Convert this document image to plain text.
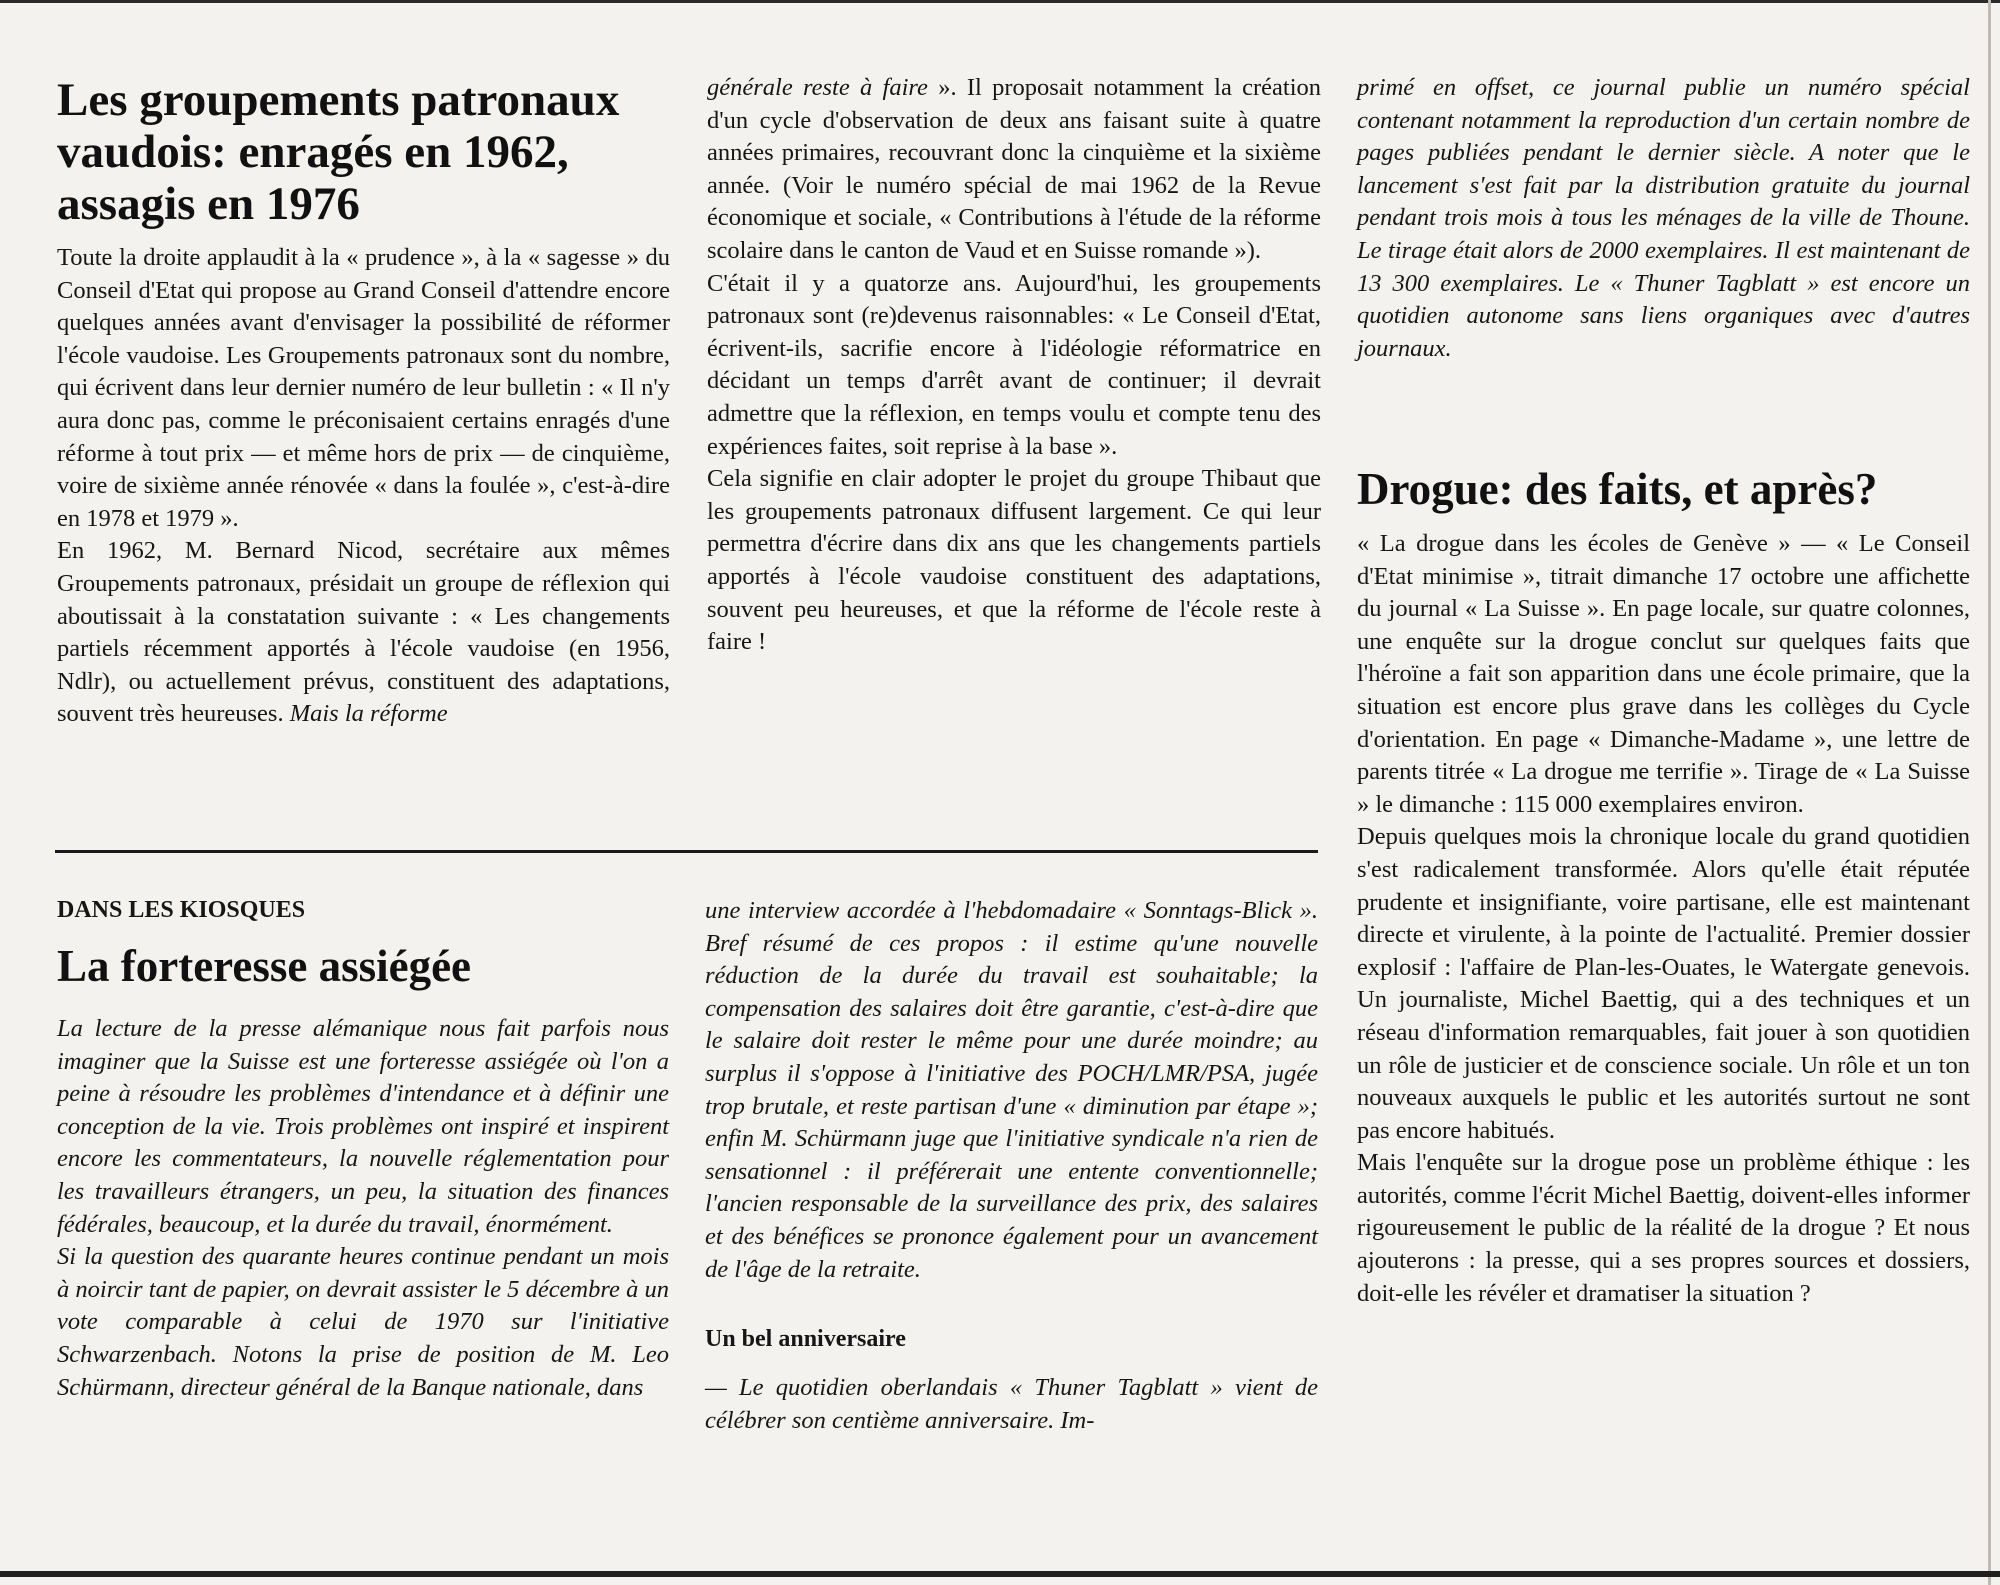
Les groupements patronaux vaudois: enragés en 1962, assagis en 1976

Toute la droite applaudit à la « prudence », à la « sagesse » du Conseil d'Etat qui propose au Grand Conseil d'attendre encore quelques années avant d'envisager la possibilité de réformer l'école vaudoise. Les Groupements patronaux sont du nombre, qui écrivent dans leur dernier numéro de leur bulletin : « Il n'y aura donc pas, comme le préconisaient certains enragés d'une réforme à tout prix — et même hors de prix — de cinquième, voire de sixième année rénovée « dans la foulée », c'est-à-dire en 1978 et 1979 ».

En 1962, M. Bernard Nicod, secrétaire aux mêmes Groupements patronaux, présidait un groupe de réflexion qui aboutissait à la constatation suivante : « Les changements partiels récemment apportés à l'école vaudoise (en 1956, Ndlr), ou actuellement prévus, constituent des adaptations, souvent très heureuses. Mais la réforme

générale reste à faire ». Il proposait notamment la création d'un cycle d'observation de deux ans faisant suite à quatre années primaires, recouvrant donc la cinquième et la sixième année. (Voir le numéro spécial de mai 1962 de la Revue économique et sociale, « Contributions à l'étude de la réforme scolaire dans le canton de Vaud et en Suisse romande »).

C'était il y a quatorze ans. Aujourd'hui, les groupements patronaux sont (re)devenus raisonnables: « Le Conseil d'Etat, écrivent-ils, sacrifie encore à l'idéologie réformatrice en décidant un temps d'arrêt avant de continuer; il devrait admettre que la réflexion, en temps voulu et compte tenu des expériences faites, soit reprise à la base ».

Cela signifie en clair adopter le projet du groupe Thibaut que les groupements patronaux diffusent largement. Ce qui leur permettra d'écrire dans dix ans que les changements partiels apportés à l'école vaudoise constituent des adaptations, souvent peu heureuses, et que la réforme de l'école reste à faire !

DANS LES KIOSQUES
La forteresse assiégée

La lecture de la presse alémanique nous fait parfois nous imaginer que la Suisse est une forteresse assiégée où l'on a peine à résoudre les problèmes d'intendance et à définir une conception de la vie. Trois problèmes ont inspiré et inspirent encore les commentateurs, la nouvelle réglementation pour les travailleurs étrangers, un peu, la situation des finances fédérales, beaucoup, et la durée du travail, énormément.

Si la question des quarante heures continue pendant un mois à noircir tant de papier, on devrait assister le 5 décembre à un vote comparable à celui de 1970 sur l'initiative Schwarzenbach. Notons la prise de position de M. Leo Schürmann, directeur général de la Banque nationale, dans

une interview accordée à l'hebdomadaire « Sonntags-Blick ». Bref résumé de ces propos : il estime qu'une nouvelle réduction de la durée du travail est souhaitable; la compensation des salaires doit être garantie, c'est-à-dire que le salaire doit rester le même pour une durée moindre; au surplus il s'oppose à l'initiative des POCH/LMR/PSA, jugée trop brutale, et reste partisan d'une « diminution par étape »; enfin M. Schürmann juge que l'initiative syndicale n'a rien de sensationnel : il préférerait une entente conventionnelle; l'ancien responsable de la surveillance des prix, des salaires et des bénéfices se prononce également pour un avancement de l'âge de la retraite.

Un bel anniversaire

— Le quotidien oberlandais « Thuner Tagblatt » vient de célébrer son centième anniversaire. Im-

primé en offset, ce journal publie un numéro spécial contenant notamment la reproduction d'un certain nombre de pages publiées pendant le dernier siècle. A noter que le lancement s'est fait par la distribution gratuite du journal pendant trois mois à tous les ménages de la ville de Thoune. Le tirage était alors de 2000 exemplaires. Il est maintenant de 13 300 exemplaires. Le « Thuner Tagblatt » est encore un quotidien autonome sans liens organiques avec d'autres journaux.

Drogue: des faits, et après?

« La drogue dans les écoles de Genève » — « Le Conseil d'Etat minimise », titrait dimanche 17 octobre une affichette du journal « La Suisse ». En page locale, sur quatre colonnes, une enquête sur la drogue conclut sur quelques faits que l'héroïne a fait son apparition dans une école primaire, que la situation est encore plus grave dans les collèges du Cycle d'orientation. En page « Dimanche-Madame », une lettre de parents titrée « La drogue me terrifie ». Tirage de « La Suisse » le dimanche : 115 000 exemplaires environ.

Depuis quelques mois la chronique locale du grand quotidien s'est radicalement transformée. Alors qu'elle était réputée prudente et insignifiante, voire partisane, elle est maintenant directe et virulente, à la pointe de l'actualité. Premier dossier explosif : l'affaire de Plan-les-Ouates, le Watergate genevois. Un journaliste, Michel Baettig, qui a des techniques et un réseau d'information remarquables, fait jouer à son quotidien un rôle de justicier et de conscience sociale. Un rôle et un ton nouveaux auxquels le public et les autorités surtout ne sont pas encore habitués.

Mais l'enquête sur la drogue pose un problème éthique : les autorités, comme l'écrit Michel Baettig, doivent-elles informer rigoureusement le public de la réalité de la drogue ? Et nous ajouterons : la presse, qui a ses propres sources et dossiers, doit-elle les révéler et dramatiser la situation ?
